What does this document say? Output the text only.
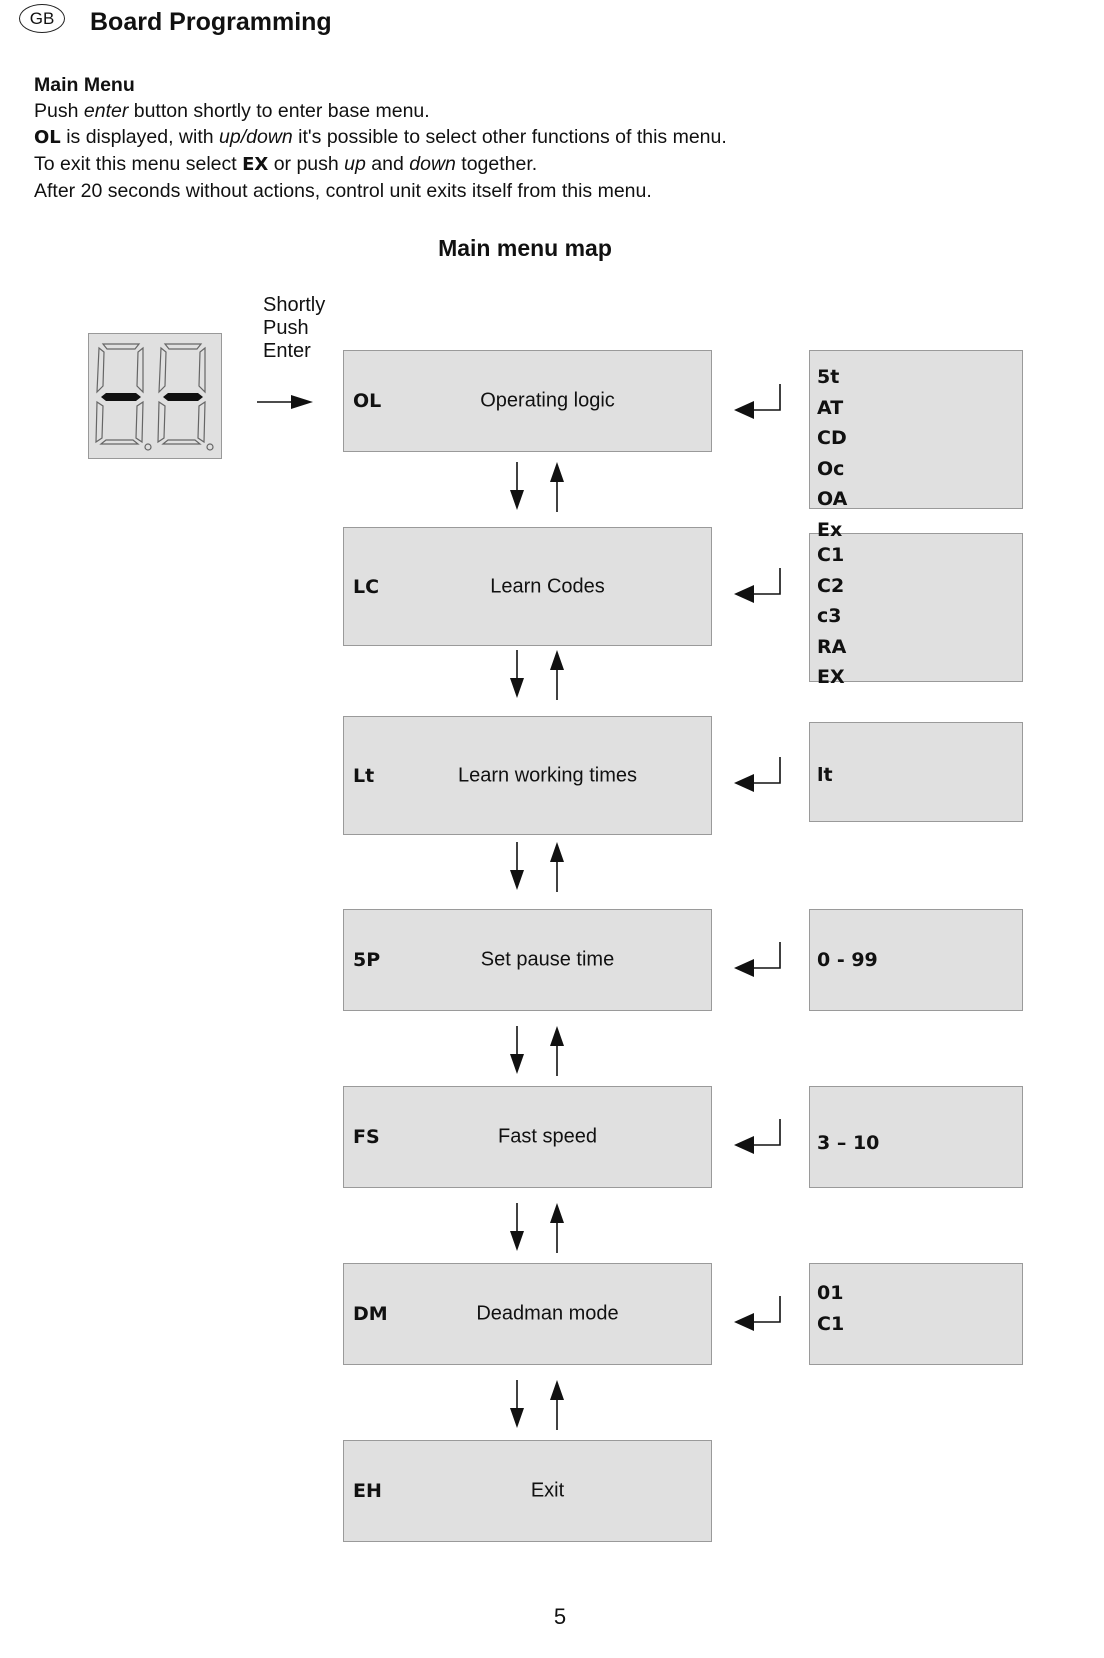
GB	Board Programming
Main Menu
Push enter button shortly to enter base menu.
OL is displayed, with up/down it's possible to select other functions of this menu.
To exit this menu select EX or push up and down together.
After 20 seconds without actions, control unit exits itself from this menu.
Main menu map
Shortly
Push
Enter
OL	Operating logic
LC	Learn Codes
Lt	Learn working times
5P	Set pause time
FS	Fast speed
DM	Deadman mode
EH	Exit
5t
AT
CD
Oc
OA
Ex
C1
C2
c3
RA
EX
lt
0 - 99
3 – 10
01
C1
5
